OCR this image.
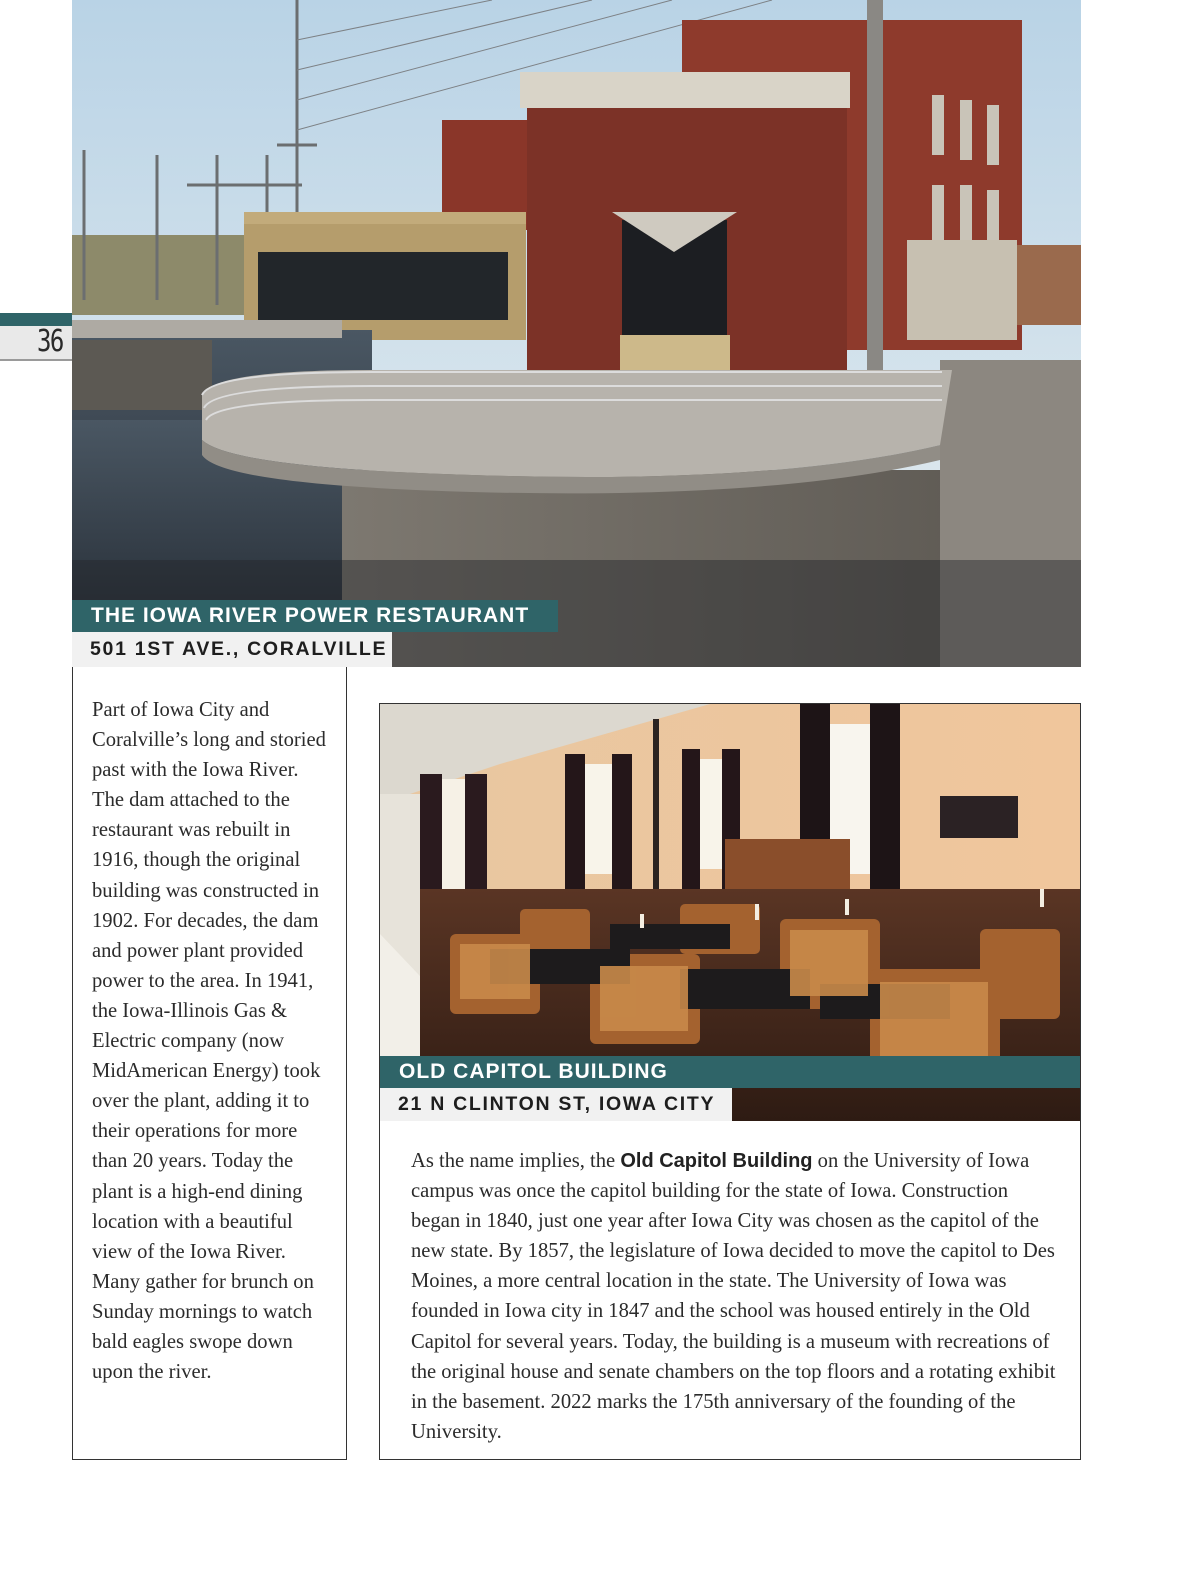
36
THE IOWA RIVER POWER RESTAURANT
501 1ST AVE., CORALVILLE
Part of Iowa City and Coralville’s long and storied past with the Iowa River. The dam attached to the restaurant was rebuilt in 1916, though the original building was constructed in 1902. For decades, the dam and power plant provided power to the area. In 1941, the Iowa-Illinois Gas & Electric company (now MidAmerican Energy) took over the plant, adding it to their operations for more than 20 years. Today the plant is a high-end dining location with a beautiful view of the Iowa River. Many gather for brunch on Sunday mornings to watch bald eagles swope down upon the river.
OLD CAPITOL BUILDING
21 N CLINTON ST, IOWA CITY
As the name implies, the Old Capitol Building on the University of Iowa campus was once the capitol building for the state of Iowa. Construction began in 1840, just one year after Iowa City was chosen as the capitol of the new state. By 1857, the legislature of Iowa decided to move the capitol to Des Moines, a more central location in the state. The University of Iowa was founded in Iowa city in 1847 and the school was housed entirely in the Old Capitol for several years. Today, the building is a museum with recreations of the original house and senate chambers on the top floors and a rotating exhibit in the basement. 2022 marks the 175th anniversary of the founding of the University.
